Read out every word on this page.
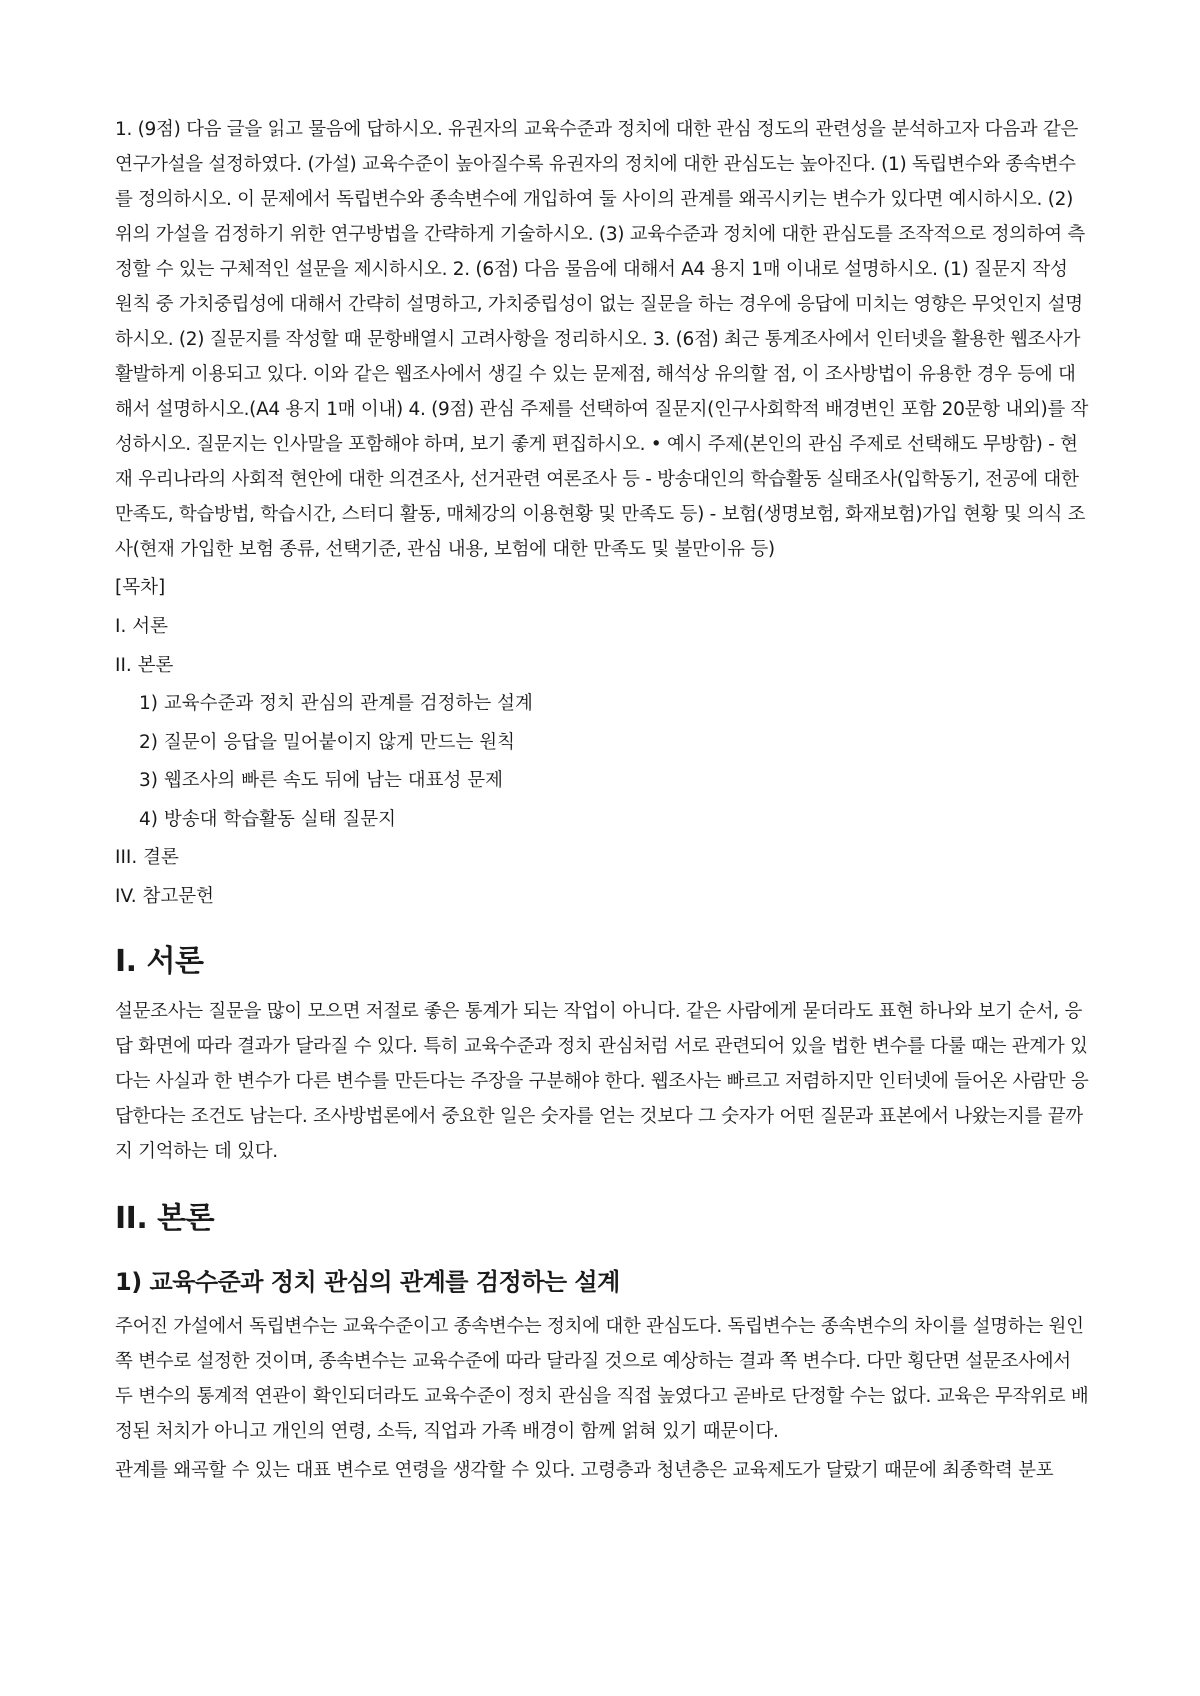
1. (9점) 다음 글을 읽고 물음에 답하시오. 유권자의 교육수준과 정치에 대한 관심 정도의 관련성을 분석하고자 다음과 같은 연구가설을 설정하였다. (가설) 교육수준이 높아질수록 유권자의 정치에 대한 관심도는 높아진다. (1) 독립변수와 종속변수를 정의하시오. 이 문제에서 독립변수와 종속변수에 개입하여 둘 사이의 관계를 왜곡시키는 변수가 있다면 예시하시오. (2) 위의 가설을 검정하기 위한 연구방법을 간략하게 기술하시오. (3) 교육수준과 정치에 대한 관심도를 조작적으로 정의하여 측정할 수 있는 구체적인 설문을 제시하시오. 2. (6점) 다음 물음에 대해서 A4 용지 1매 이내로 설명하시오. (1) 질문지 작성 원칙 중 가치중립성에 대해서 간략히 설명하고, 가치중립성이 없는 질문을 하는 경우에 응답에 미치는 영향은 무엇인지 설명하시오. (2) 질문지를 작성할 때 문항배열시 고려사항을 정리하시오. 3. (6점) 최근 통계조사에서 인터넷을 활용한 웹조사가 활발하게 이용되고 있다. 이와 같은 웹조사에서 생길 수 있는 문제점, 해석상 유의할 점, 이 조사방법이 유용한 경우 등에 대해서 설명하시오.(A4 용지 1매 이내) 4. (9점) 관심 주제를 선택하여 질문지(인구사회학적 배경변인 포함 20문항 내외)를 작성하시오. 질문지는 인사말을 포함해야 하며, 보기 좋게 편집하시오. • 예시 주제(본인의 관심 주제로 선택해도 무방함) - 현재 우리나라의 사회적 현안에 대한 의견조사, 선거관련 여론조사 등 - 방송대인의 학습활동 실태조사(입학동기, 전공에 대한 만족도, 학습방법, 학습시간, 스터디 활동, 매체강의 이용현황 및 만족도 등) - 보험(생명보험, 화재보험)가입 현황 및 의식 조사(현재 가입한 보험 종류, 선택기준, 관심 내용, 보험에 대한 만족도 및 불만이유 등)

[목차]
I. 서론
II. 본론
1) 교육수준과 정치 관심의 관계를 검정하는 설계
2) 질문이 응답을 밀어붙이지 않게 만드는 원칙
3) 웹조사의 빠른 속도 뒤에 남는 대표성 문제
4) 방송대 학습활동 실태 질문지
III. 결론
IV. 참고문헌
I. 서론

설문조사는 질문을 많이 모으면 저절로 좋은 통계가 되는 작업이 아니다. 같은 사람에게 묻더라도 표현 하나와 보기 순서, 응답 화면에 따라 결과가 달라질 수 있다. 특히 교육수준과 정치 관심처럼 서로 관련되어 있을 법한 변수를 다룰 때는 관계가 있다는 사실과 한 변수가 다른 변수를 만든다는 주장을 구분해야 한다. 웹조사는 빠르고 저렴하지만 인터넷에 들어온 사람만 응답한다는 조건도 남는다. 조사방법론에서 중요한 일은 숫자를 얻는 것보다 그 숫자가 어떤 질문과 표본에서 나왔는지를 끝까지 기억하는 데 있다.

II. 본론
1) 교육수준과 정치 관심의 관계를 검정하는 설계

주어진 가설에서 독립변수는 교육수준이고 종속변수는 정치에 대한 관심도다. 독립변수는 종속변수의 차이를 설명하는 원인 쪽 변수로 설정한 것이며, 종속변수는 교육수준에 따라 달라질 것으로 예상하는 결과 쪽 변수다. 다만 횡단면 설문조사에서 두 변수의 통계적 연관이 확인되더라도 교육수준이 정치 관심을 직접 높였다고 곧바로 단정할 수는 없다. 교육은 무작위로 배정된 처치가 아니고 개인의 연령, 소득, 직업과 가족 배경이 함께 얽혀 있기 때문이다.

관계를 왜곡할 수 있는 대표 변수로 연령을 생각할 수 있다. 고령층과 청년층은 교육제도가 달랐기 때문에 최종학력 분포
